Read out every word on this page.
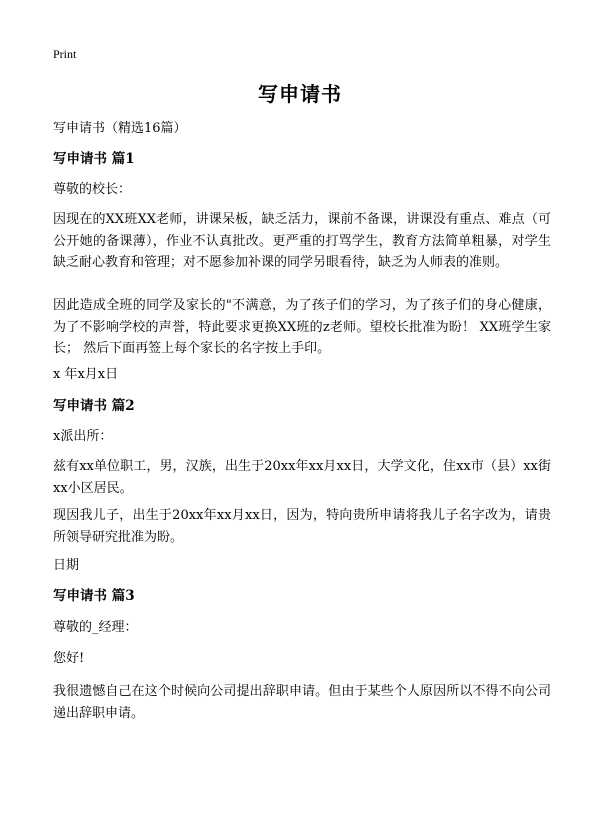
Print
写申请书
写申请书（精选16篇）
写申请书 篇1
尊敬的校长：
因现在的XX班XX老师，讲课呆板，缺乏活力，课前不备课，讲课没有重点、难点（可公开她的备课薄），作业不认真批改。更严重的打骂学生，教育方法简单粗暴，对学生缺乏耐心教育和管理；对不愿参加补课的同学另眼看待，缺乏为人师表的准则。
因此造成全班的同学及家长的"不满意，为了孩子们的学习，为了孩子们的身心健康，为了不影响学校的声誉，特此要求更换XX班的z老师。望校长批准为盼！ XX班学生家长； 然后下面再签上每个家长的名字按上手印。
x 年x月x日
写申请书 篇2
x派出所：
兹有xx单位职工，男，汉族，出生于20xx年xx月xx日，大学文化，住xx市（县）xx街xx小区居民。
现因我儿子，出生于20xx年xx月xx日，因为，特向贵所申请将我儿子名字改为，请贵所领导研究批准为盼。
日期
写申请书 篇3
尊敬的_经理：
您好!
我很遗憾自己在这个时候向公司提出辞职申请。但由于某些个人原因所以不得不向公司递出辞职申请。
